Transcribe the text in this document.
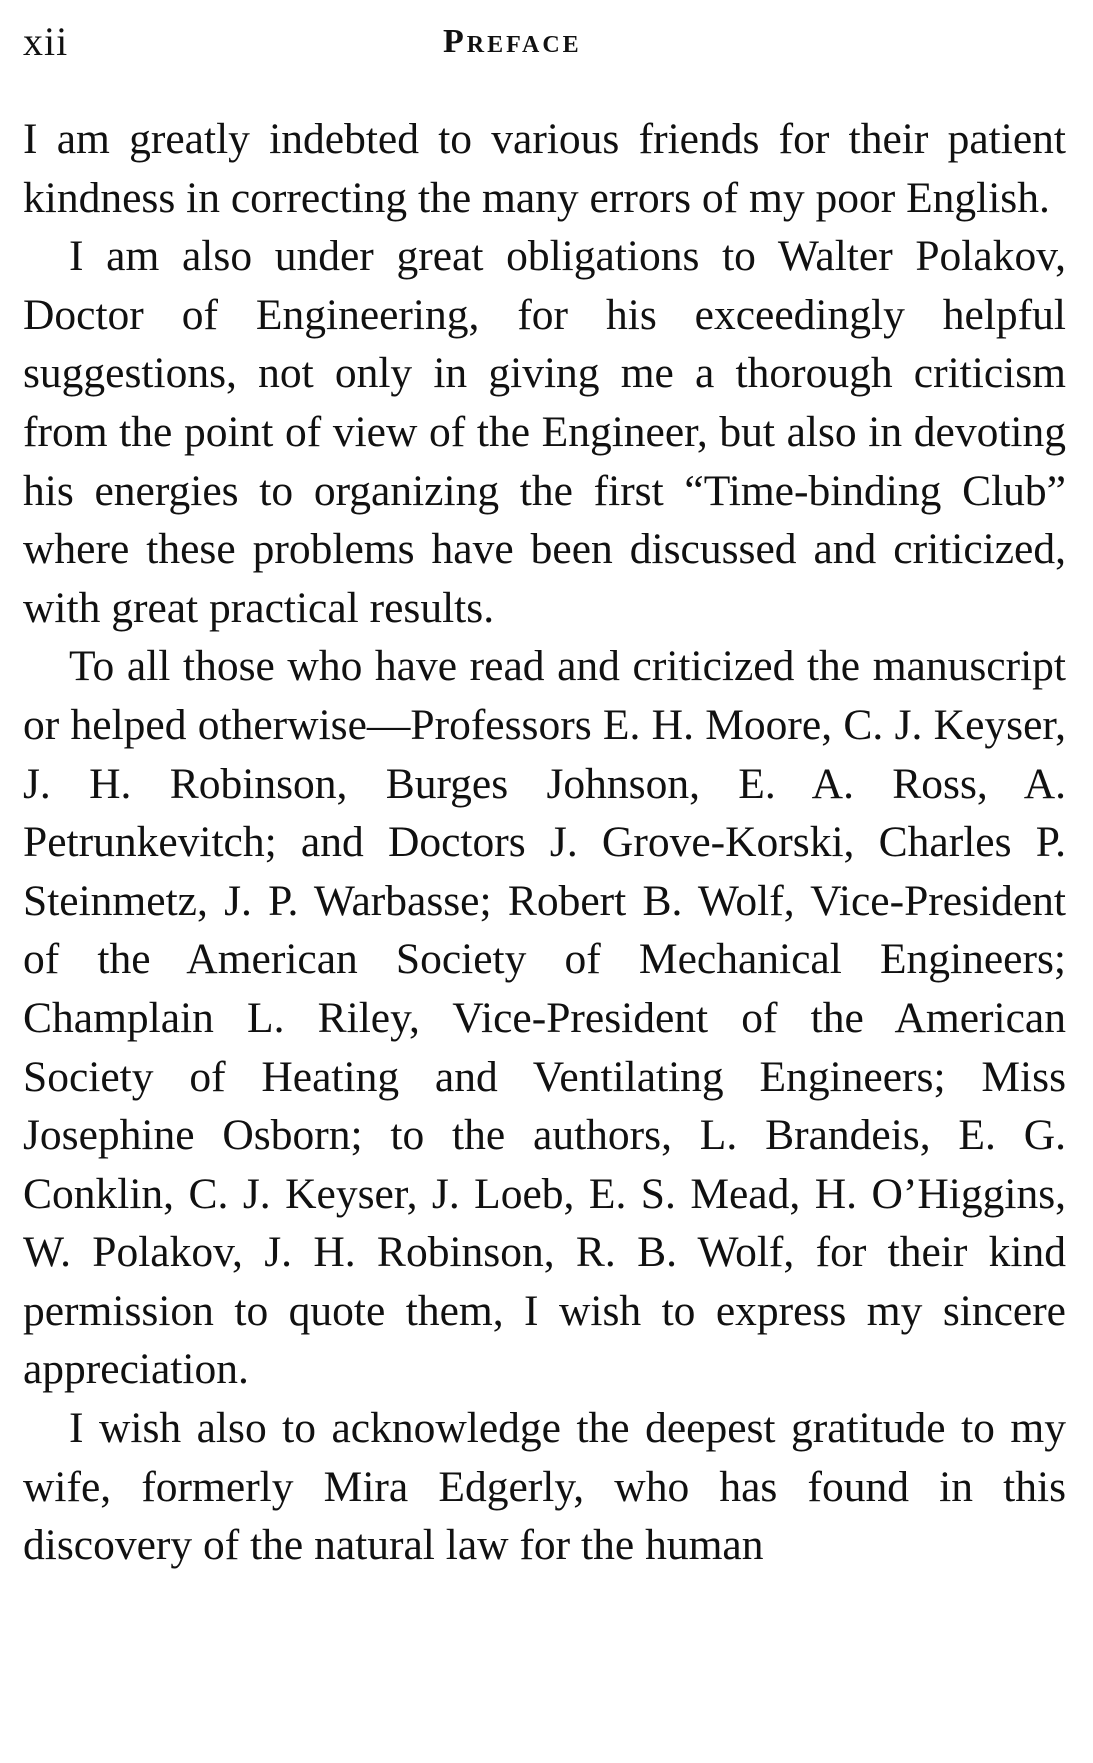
xii	Preface

I am greatly indebted to various friends for their patient kindness in correcting the many errors of my poor English.

I am also under great obligations to Walter Polakov, Doctor of Engineering, for his exceedingly helpful suggestions, not only in giving me a thorough criticism from the point of view of the Engineer, but also in devoting his energies to organizing the first “Time-binding Club” where these problems have been discussed and criticized, with great practical results.

To all those who have read and criticized the manuscript or helped otherwise—Professors E. H. Moore, C. J. Keyser, J. H. Robinson, Burges Johnson, E. A. Ross, A. Petrunkevitch; and Doctors J. Grove-Korski, Charles P. Steinmetz, J. P. Warbasse; Robert B. Wolf, Vice-President of the American Society of Mechanical Engineers; Champlain L. Riley, Vice-President of the American Society of Heating and Ventilating Engineers; Miss Josephine Osborn; to the authors, L. Brandeis, E. G. Conklin, C. J. Keyser, J. Loeb, E. S. Mead, H. O’Higgins, W. Polakov, J. H. Robinson, R. B. Wolf, for their kind permission to quote them, I wish to express my sincere appreciation.

I wish also to acknowledge the deepest gratitude to my wife, formerly Mira Edgerly, who has found in this discovery of the natural law for the human
